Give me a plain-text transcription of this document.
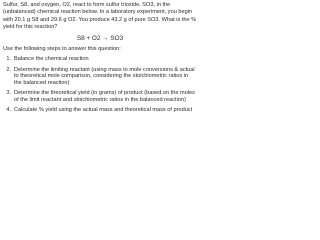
Sulfur, S8, and oxygen, O2, react to form sulfur trioxide, SO3, in the (unbalanced) chemical reaction below. In a laboratory experiment, you begin with 20.1 g S8 and 29.6 g O2. You produce 43.2 g of pure SO3. What is the % yield for this reaction?

S8 + O2 → SO3

Use the following steps to answer this question:

1. Balance the chemical reaction
2. Determine the limiting reactant (using mass to mole conversions & actual to theoretical mole comparison, considering the stoichiometric ratios in the balanced reaction)
3. Determine the theoretical yield (in grams) of product (based on the moles of the limit reactant and stoichiometric ratios in the balanced reaction)
4. Calculate % yield using the actual mass and theoretical mass of product
